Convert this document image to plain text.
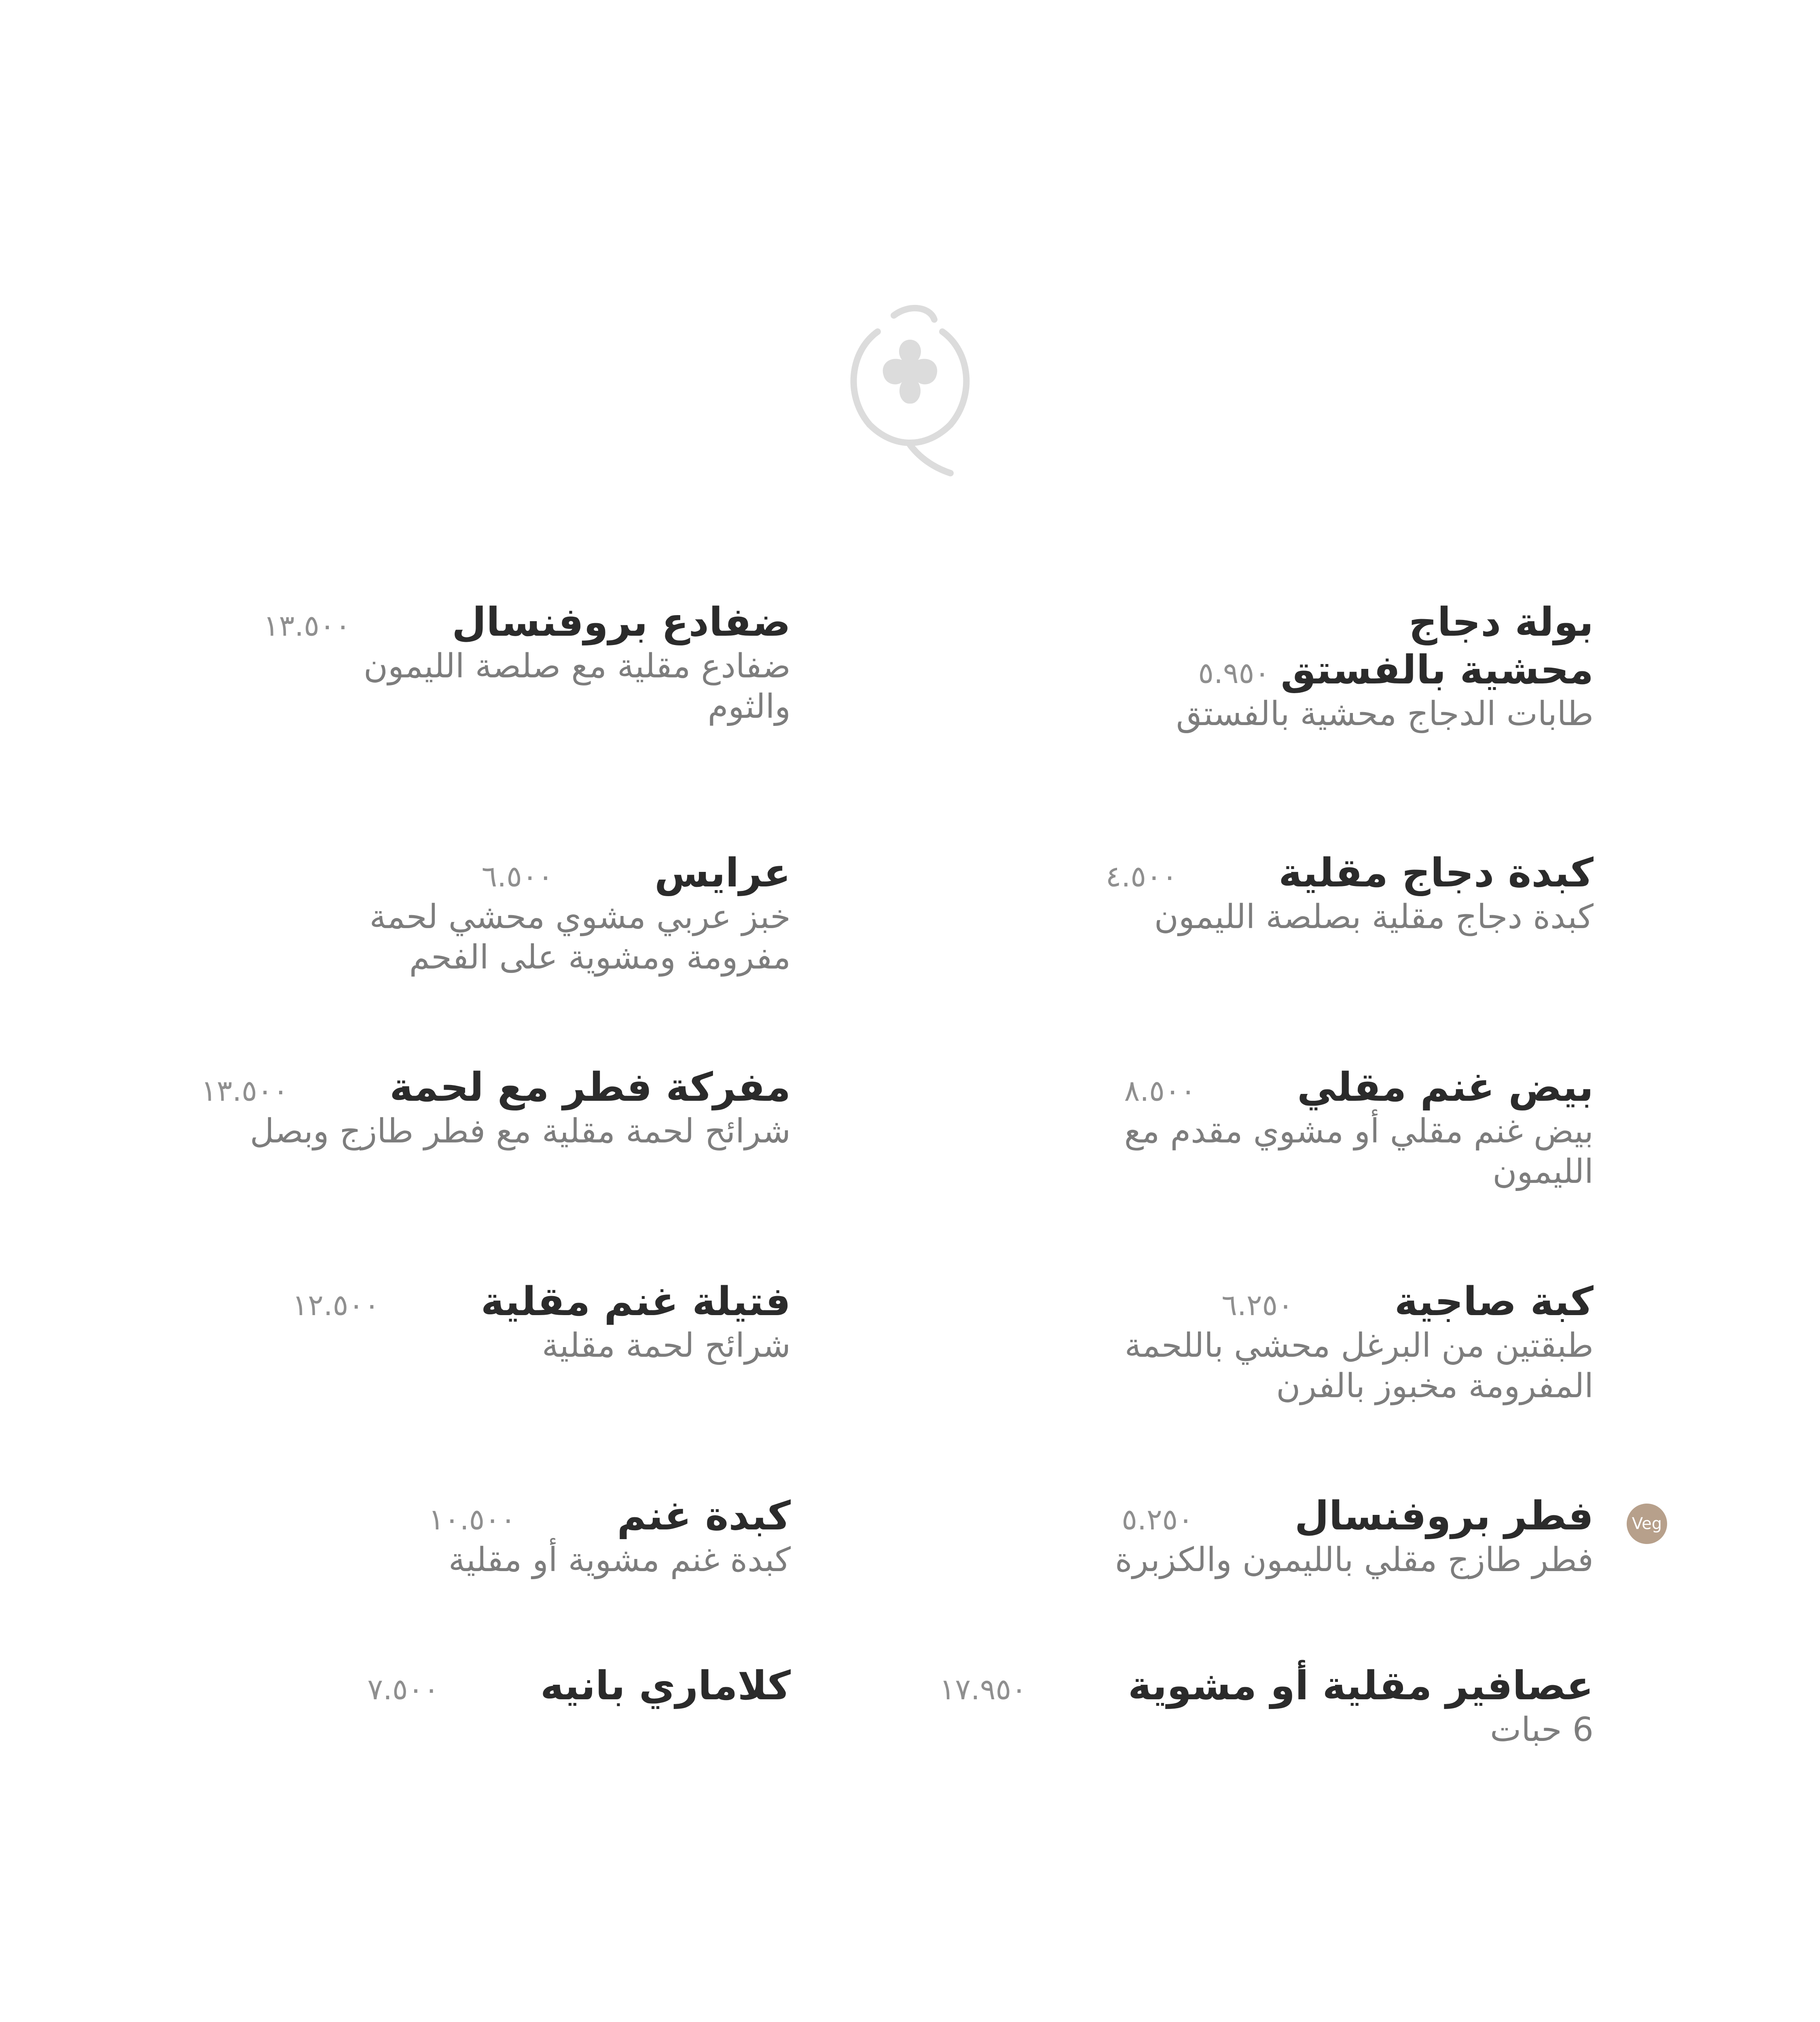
بولة دجاج محشية بالفستق
٥.٩٥٠
طابات الدجاج محشية بالفستق
كبدة دجاج مقلية
٤.٥٠٠
كبدة دجاج مقلية بصلصة الليمون
بيض غنم مقلي
٨.٥٠٠
بيض غنم مقلي أو مشوي مقدم مع الليمون
كبة صاجية
٦.٢٥٠
طبقتين من البرغل محشي باللحمة المفرومة مخبوز بالفرن
فطر بروفنسال
٥.٢٥٠
فطر طازج مقلي بالليمون والكزبرة
Veg
عصافير مقلية أو مشوية
١٧.٩٥٠
6 حبات
ضفادع بروفنسال
١٣.٥٠٠
ضفادع مقلية مع صلصة الليمون والثوم
عرايس
٦.٥٠٠
خبز عربي مشوي محشي لحمة مفرومة ومشوية على الفحم
مفركة فطر مع لحمة
١٣.٥٠٠
شرائح لحمة مقلية مع فطر طازج وبصل
فتيلة غنم مقلية
١٢.٥٠٠
شرائح لحمة مقلية
كبدة غنم
١٠.٥٠٠
كبدة غنم مشوية أو مقلية
كلاماري بانيه
٧.٥٠٠
